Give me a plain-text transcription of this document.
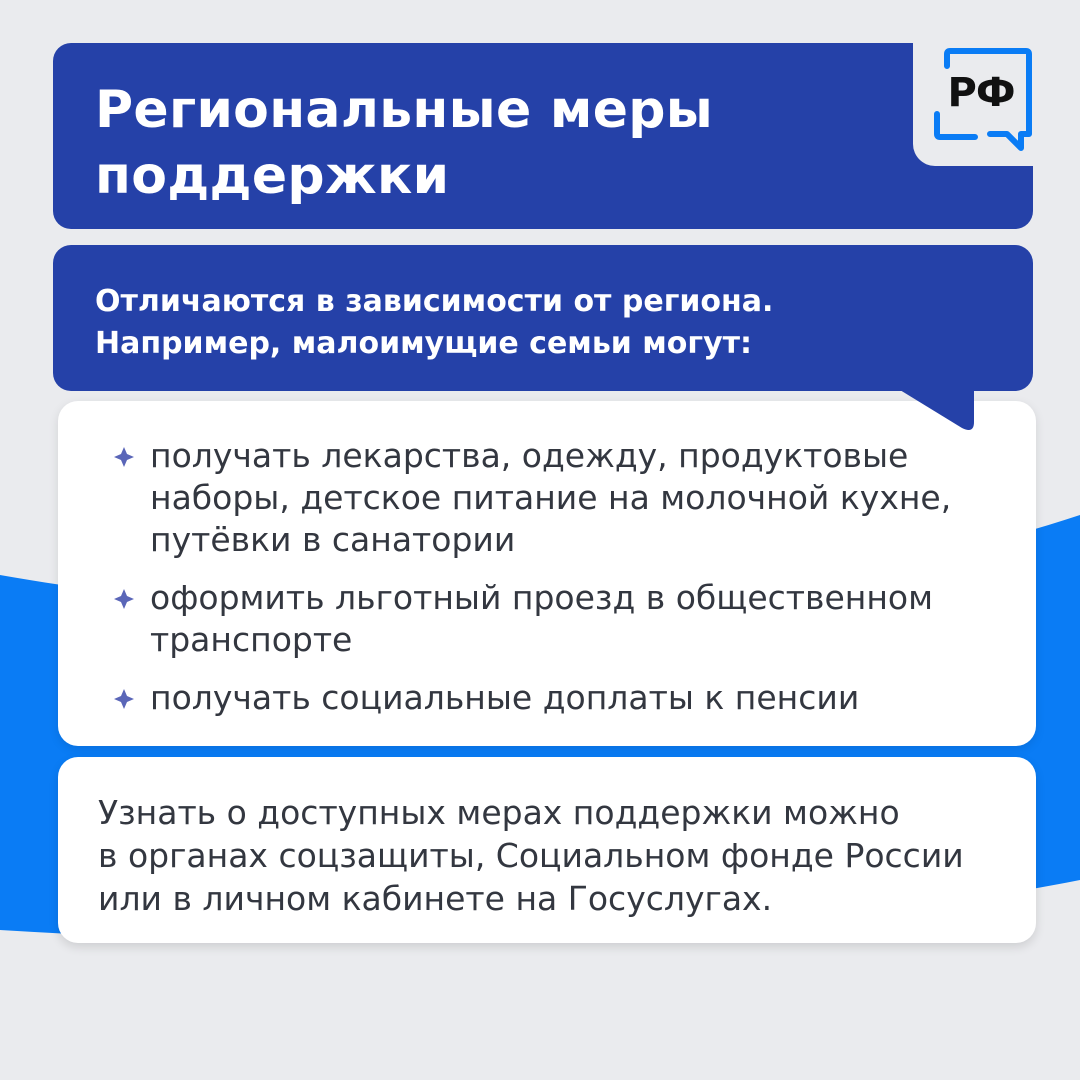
Региональные меры
поддержки
РФ

Отличаются в зависимости от региона.
Например, малоимущие семьи могут:

получать лекарства, одежду, продуктовые наборы, детское питание на молочной кухне, путёвки в санатории
оформить льготный проезд в общественном транспорте
получать социальные доплаты к пенсии

Узнать о доступных мерах поддержки можно
в органах соцзащиты, Социальном фонде России
или в личном кабинете на Госуслугах.
